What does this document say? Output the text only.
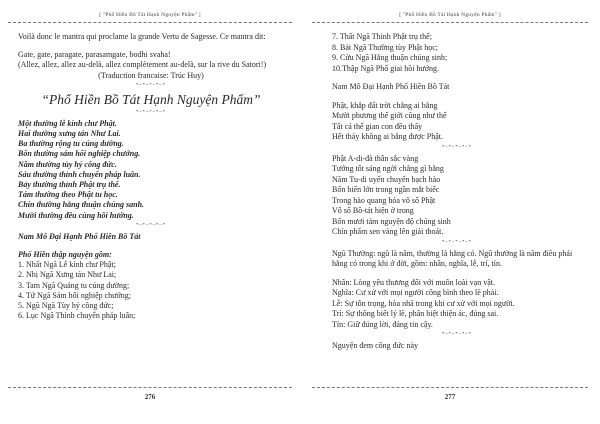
[ "Phổ Hiền Bồ Tát Hạnh Nguyện Phẩm" ]

Voilà donc le mantra qui proclame la grande Vertu de Sagesse. Ce mantra dit:

Gate, gate, paragate, parasamgate, bodhi svaha!

(Allez, allez, allez au-delà, allez complètement au-delà, sur la rive du Satori!)

(Traduction francaise: Trúc Huy)

*~*~*~*~*
“Phổ Hiền Bồ Tát Hạnh Nguyện Phẩm”
*~*~*~*~*

Một thường lễ kính chư Phật.

Hai thường xưng tán Như Lai.

Ba thường rộng tu cúng dường.

Bốn thường sám hối nghiệp chướng.

Năm thường tùy hỷ công đức.

Sáu thường thỉnh chuyển pháp luân.

Bảy thường thỉnh Phật trụ thế.

Tám thường theo Phật tu học.

Chín thường hằng thuận chúng sanh.

Mười thường đều cùng hồi hướng.

*~*~*~*~*

Nam Mô Đại Hạnh Phổ Hiền Bồ Tát

Phổ Hiền thập nguyện gồm:

1. Nhất Ngã Lễ kính chư Phật;

2. Nhị Ngã Xưng tán Như Lai;

3. Tam Ngã Quảng tu cúng dường;

4. Tứ Ngã Sám hối nghiệp chướng;

5. Ngũ Ngã Tùy hỷ công đức;

6. Lục Ngã Thỉnh chuyển pháp luân;

276
[ "Phổ Hiền Bồ Tát Hạnh Nguyện Phẩm" ]

7. Thất Ngã Thỉnh Phật trụ thế;

8. Bát Ngã Thường tùy Phật học;

9. Cửu Ngã Hằng thuận chúng sinh;

10.Thập Ngã Phổ giai hồi hướng.

Nam Mô Đại Hạnh Phổ Hiền Bồ Tát

Phật, khắp đất trời chẳng ai bằng

Mười phương thế giới cũng như thế

Tất cả thế gian con đều thấy

Hết thảy không ai bằng được Phật.

*~*~*~*~*

Phật A-di-đà thân sắc vàng

Tướng tốt sáng ngời chẳng gì bằng

Năm Tu-di uyển chuyển bạch hào

Bốn biển lớn trong ngần mắt biếc

Trong hào quang hóa vô số Phật

Vô số Bồ-tát hiện ở trong

Bốn mươi tám nguyện độ chúng sinh

Chín phẩm sen vàng lên giải thoát.

*~*~*~*~*

Ngũ Thường: ngũ là năm, thường là hằng có. Ngũ thường là năm điều phải hằng có trong khi ở đời, gồm: nhân, nghĩa, lễ, trí, tín.

Nhân: Lòng yêu thương đối với muôn loài vạn vật.

Nghĩa: Cư xử với mọi người công bình theo lẽ phải.

Lễ: Sự tôn trọng, hòa nhã trong khi cư xử với mọi người.

Trí: Sự thông biết lý lẽ, phân biệt thiện ác, đúng sai.

Tín: Giữ đúng lời, đáng tin cậy.

*~*~*~*~*

Nguyện đem công đức này

277
